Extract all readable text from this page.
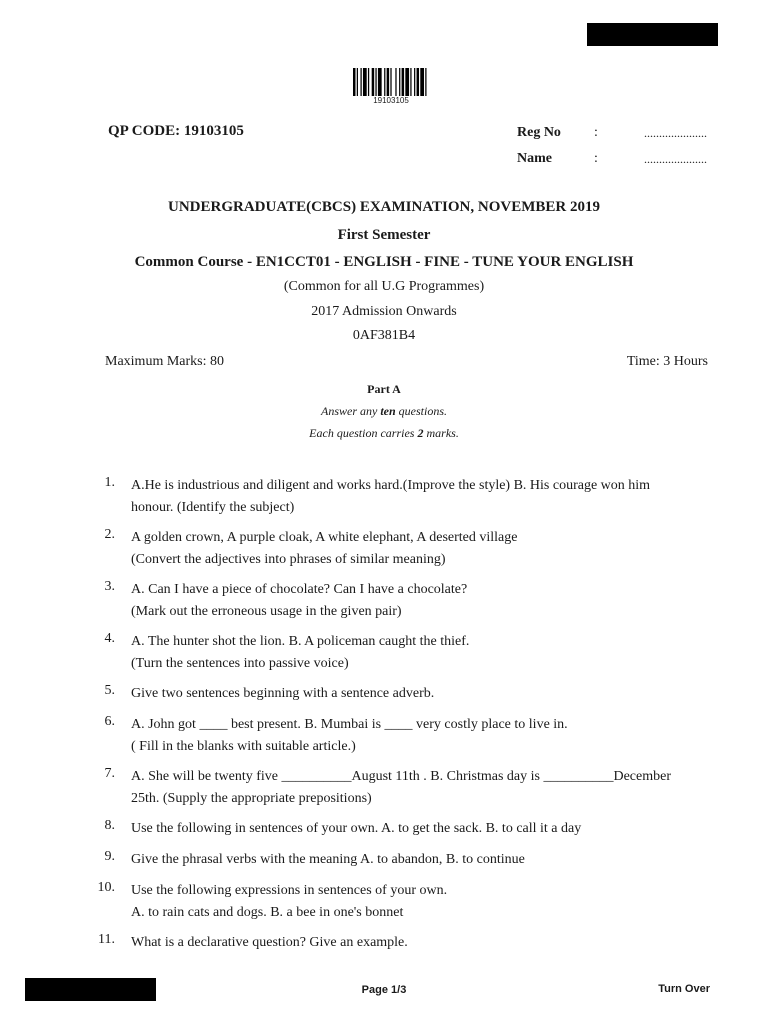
19103105
QP CODE: 19103105	Reg No :	.....................
Name	:	.....................
UNDERGRADUATE(CBCS) EXAMINATION, NOVEMBER 2019
First Semester
Common Course - EN1CCT01 - ENGLISH - FINE - TUNE YOUR ENGLISH
(Common for all U.G Programmes)
2017 Admission Onwards
0AF381B4
Maximum Marks: 80	Time: 3 Hours
Part A
Answer any ten questions.
Each question carries 2 marks.
1. A.He is industrious and diligent and works hard.(Improve the style) B. His courage won him
honour. (Identify the subject)
2. A golden crown, A purple cloak, A white elephant, A deserted village
(Convert the adjectives into phrases of similar meaning)
3. A. Can I have a piece of chocolate? Can I have a chocolate?
(Mark out the erroneous usage in the given pair)
4. A. The hunter shot the lion. B. A policeman caught the thief.
(Turn the sentences into passive voice)
5. Give two sentences beginning with a sentence adverb.
6. A. John got ____ best present. B. Mumbai is ____ very costly place to live in.
( Fill in the blanks with suitable article.)
7. A. She will be twenty five __________August 11th . B. Christmas day is __________December
25th. (Supply the appropriate prepositions)
8. Use the following in sentences of your own. A. to get the sack. B. to call it a day
9. Give the phrasal verbs with the meaning A. to abandon, B. to continue
10. Use the following expressions in sentences of your own.
A. to rain cats and dogs. B. a bee in one's bonnet
11. What is a declarative question? Give an example.
Page 1/3	Turn Over
